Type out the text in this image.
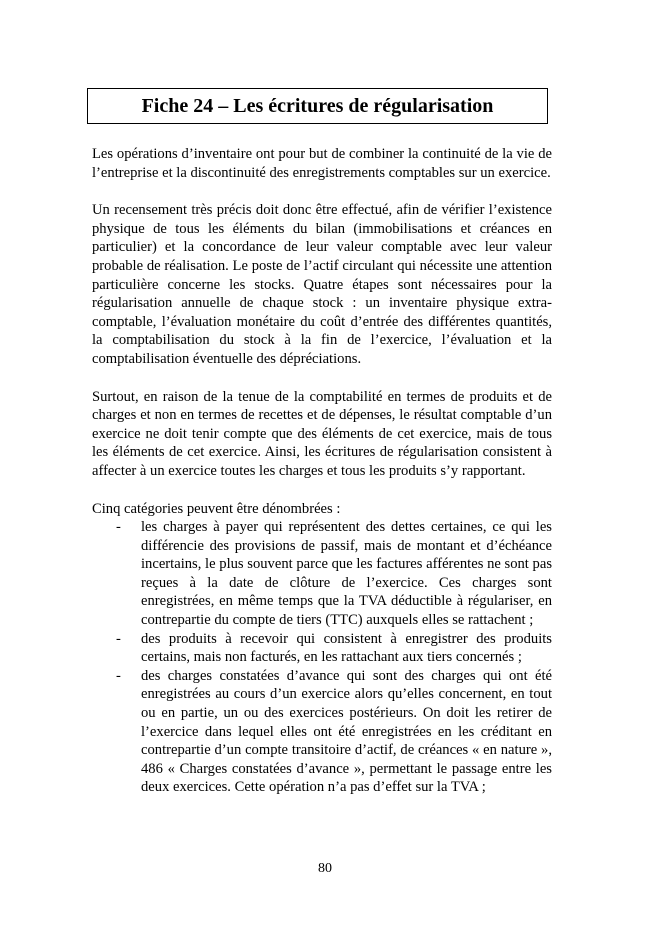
Fiche 24 – Les écritures de régularisation

Les opérations d’inventaire ont pour but de combiner la continuité de la vie de l’entreprise et la discontinuité des enregistrements comptables sur un exercice.

Un recensement très précis doit donc être effectué, afin de vérifier l’existence physique de tous les éléments du bilan (immobilisations et créances en particulier) et la concordance de leur valeur comptable avec leur valeur probable de réalisation. Le poste de l’actif circulant qui nécessite une attention particulière concerne les stocks. Quatre étapes sont nécessaires pour la régularisation annuelle de chaque stock : un inventaire physique extra-comptable, l’évaluation monétaire du coût d’entrée des différentes quantités, la comptabilisation du stock à la fin de l’exercice, l’évaluation et la comptabilisation éventuelle des dépréciations.

Surtout, en raison de la tenue de la comptabilité en termes de produits et de charges et non en termes de recettes et de dépenses, le résultat comptable d’un exercice ne doit tenir compte que des éléments de cet exercice, mais de tous les éléments de cet exercice. Ainsi, les écritures de régularisation consistent à affecter à un exercice toutes les charges et tous les produits s’y rapportant.

Cinq catégories peuvent être dénombrées :

- les charges à payer qui représentent des dettes certaines, ce qui les différencie des provisions de passif, mais de montant et d’échéance incertains, le plus souvent parce que les factures afférentes ne sont pas reçues à la date de clôture de l’exercice. Ces charges sont enregistrées, en même temps que la TVA déductible à régulariser, en contrepartie du compte de tiers (TTC) auxquels elles se rattachent ;
- des produits à recevoir qui consistent à enregistrer des produits certains, mais non facturés, en les rattachant aux tiers concernés ;
- des charges constatées d’avance qui sont des charges qui ont été enregistrées au cours d’un exercice alors qu’elles concernent, en tout ou en partie, un ou des exercices postérieurs. On doit les retirer de l’exercice dans lequel elles ont été enregistrées en les créditant en contrepartie d’un compte transitoire d’actif, de créances « en nature », 486 « Charges constatées d’avance », permettant le passage entre les deux exercices. Cette opération n’a pas d’effet sur la TVA ;
80
